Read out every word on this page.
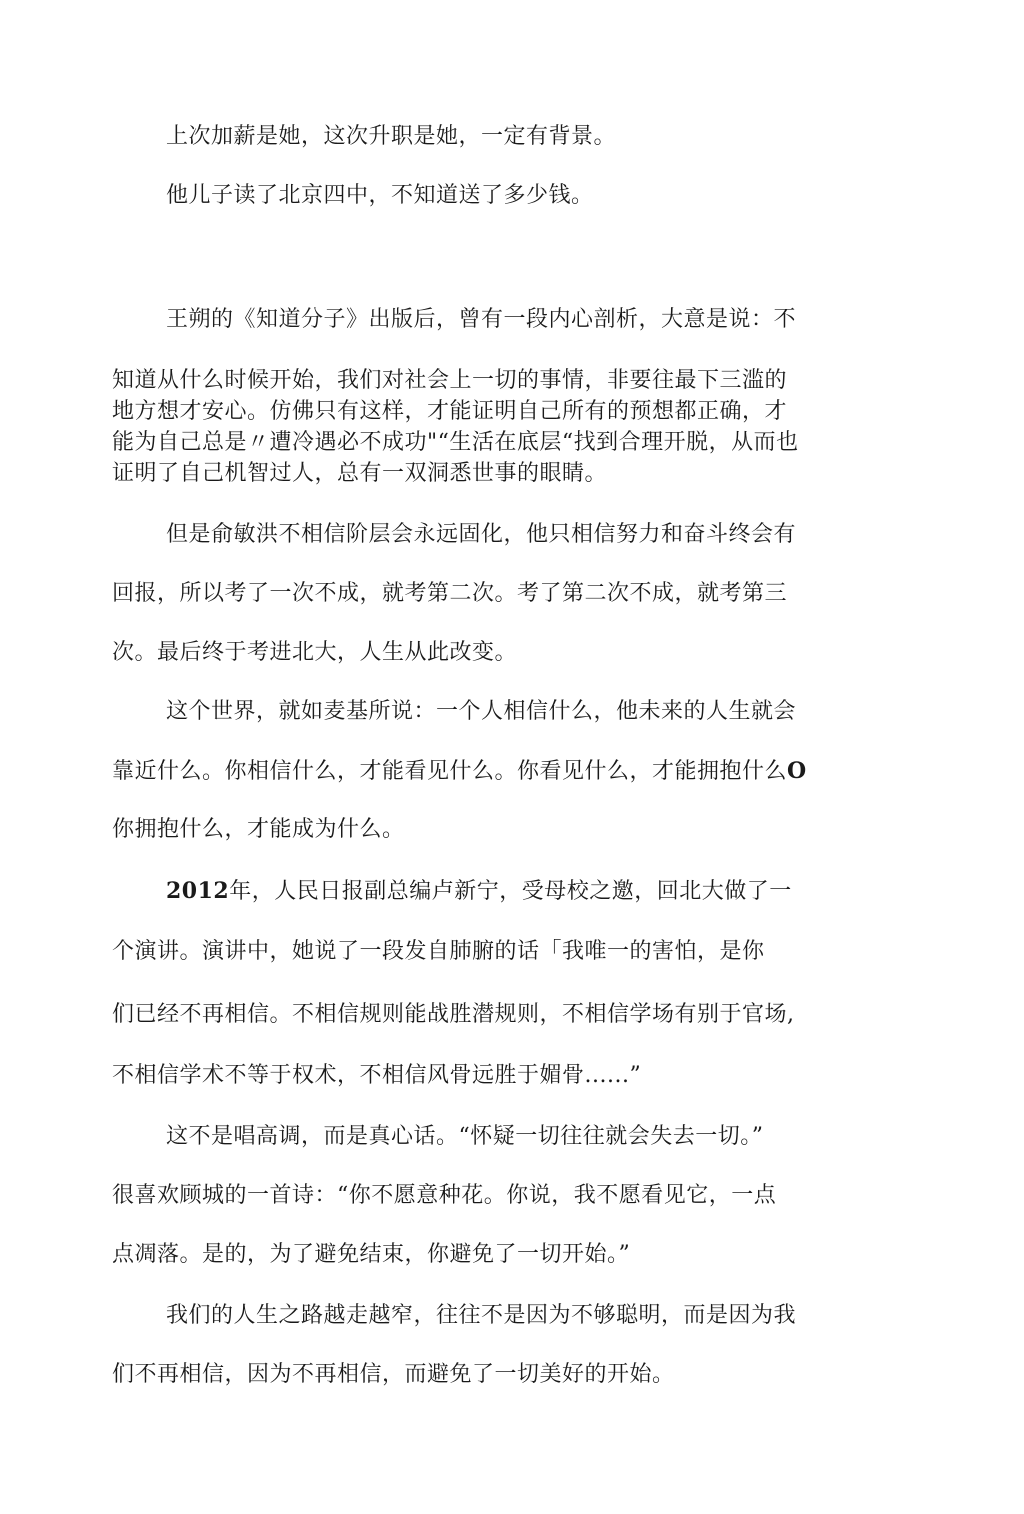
上次加薪是她，这次升职是她，一定有背景。
他儿子读了北京四中，不知道送了多少钱。
王朔的《知道分子》出版后，曾有一段内心剖析，大意是说：不
知道从什么时候开始，我们对社会上一切的事情，非要往最下三滥的
地方想才安心。仿佛只有这样，才能证明自己所有的预想都正确，才
能为自己总是〃遭冷遇必不成功"“生活在底层“找到合理开脱，从而也
证明了自己机智过人，总有一双洞悉世事的眼睛。
但是俞敏洪不相信阶层会永远固化，他只相信努力和奋斗终会有
回报，所以考了一次不成，就考第二次。考了第二次不成，就考第三
次。最后终于考进北大，人生从此改变。
这个世界，就如麦基所说：一个人相信什么，他未来的人生就会
靠近什么。你相信什么，才能看见什么。你看见什么，才能拥抱什么O
你拥抱什么，才能成为什么。
2012年，人民日报副总编卢新宁，受母校之邀，回北大做了一
个演讲。演讲中，她说了一段发自肺腑的话「我唯一的害怕，是你
们已经不再相信。不相信规则能战胜潜规则，不相信学场有别于官场,
不相信学术不等于权术，不相信风骨远胜于媚骨......”
这不是唱高调，而是真心话。“怀疑一切往往就会失去一切。”
很喜欢顾城的一首诗：“你不愿意种花。你说，我不愿看见它，一点
点凋落。是的，为了避免结束，你避免了一切开始。”
我们的人生之路越走越窄，往往不是因为不够聪明，而是因为我
们不再相信，因为不再相信，而避免了一切美好的开始。
